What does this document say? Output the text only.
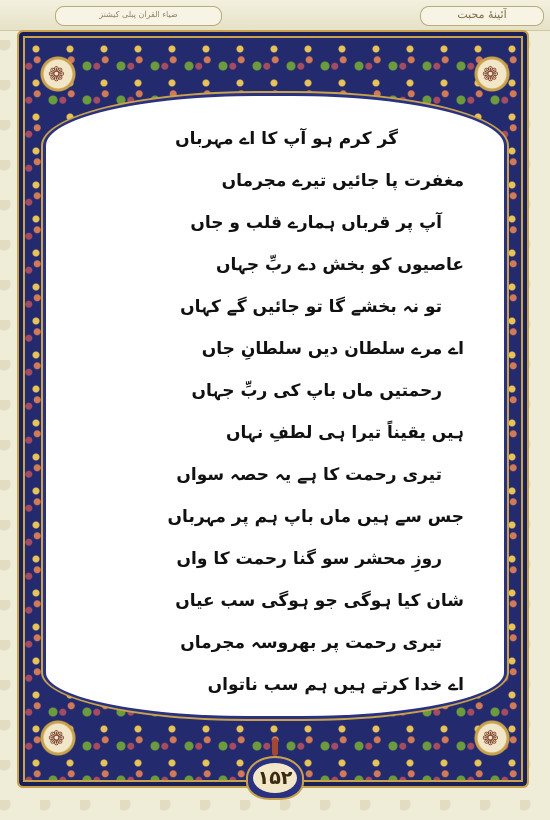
ضياء القرآن پبلى كيشنز	آئینهٔ محبت
❁	❁
❁	❁
گر کرم ہو آپ کا اے مہرباں
مغفرت پا جائیں تیرے مجرماں
آپ پر قرباں ہمارے قلب و جاں
عاصیوں کو بخش دے ربِّ جہاں
تو نہ بخشے گا تو جائیں گے کہاں
اے مرے سلطان دیں سلطانِ جاں
رحمتیں ماں باپ کی ربِّ جہاں
ہیں یقیناً تیرا ہی لطفِ نہاں
تیری رحمت کا ہے یہ حصہ سواں
جس سے ہیں ماں باپ ہم پر مہرباں
روزِ محشر سو گنا رحمت کا واں
شان کیا ہوگی جو ہوگی سب عیاں
تیری رحمت پر بھروسہ مجرماں
اے خدا کرتے ہیں ہم سب ناتواں
۱۵۲
